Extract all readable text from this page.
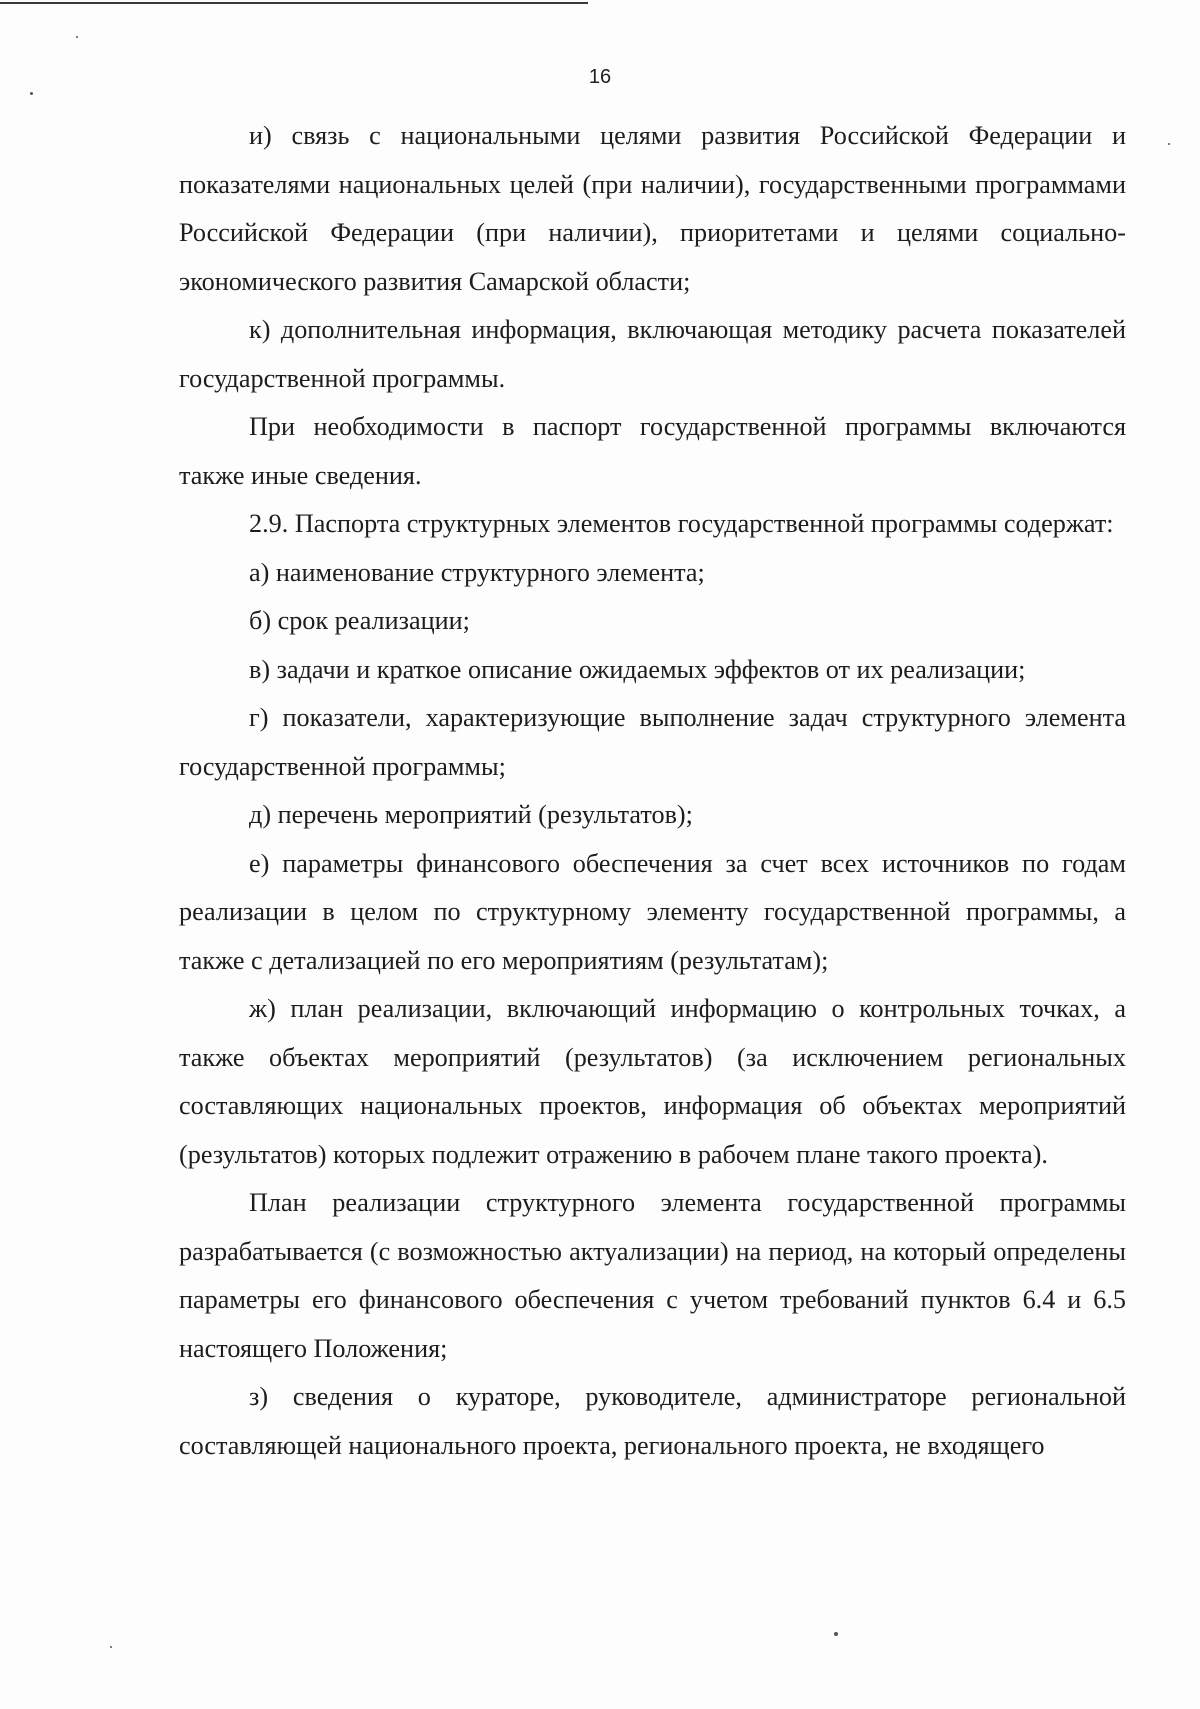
16

и) связь с национальными целями развития Российской Федерации и показателями национальных целей (при наличии), государственными программами Российской Федерации (при наличии), приоритетами и целями социально-экономического развития Самарской области;

к) дополнительная информация, включающая методику расчета показателей государственной программы.

При необходимости в паспорт государственной программы включаются также иные сведения.

2.9. Паспорта структурных элементов государственной программы содержат:

а) наименование структурного элемента;

б) срок реализации;

в) задачи и краткое описание ожидаемых эффектов от их реализации;

г) показатели, характеризующие выполнение задач структурного элемента государственной программы;

д) перечень мероприятий (результатов);

е) параметры финансового обеспечения за счет всех источников по годам реализации в целом по структурному элементу государственной программы, а также с детализацией по его мероприятиям (результатам);

ж) план реализации, включающий информацию о контрольных точках, а также объектах мероприятий (результатов) (за исключением региональных составляющих национальных проектов, информация об объектах мероприятий (результатов) которых подлежит отражению в рабочем плане такого проекта).

План реализации структурного элемента государственной программы разрабатывается (с возможностью актуализации) на период, на который определены параметры его финансового обеспечения с учетом требований пунктов 6.4 и 6.5 настоящего Положения;

з) сведения о кураторе, руководителе, администраторе региональной составляющей национального проекта, регионального проекта, не входящего
